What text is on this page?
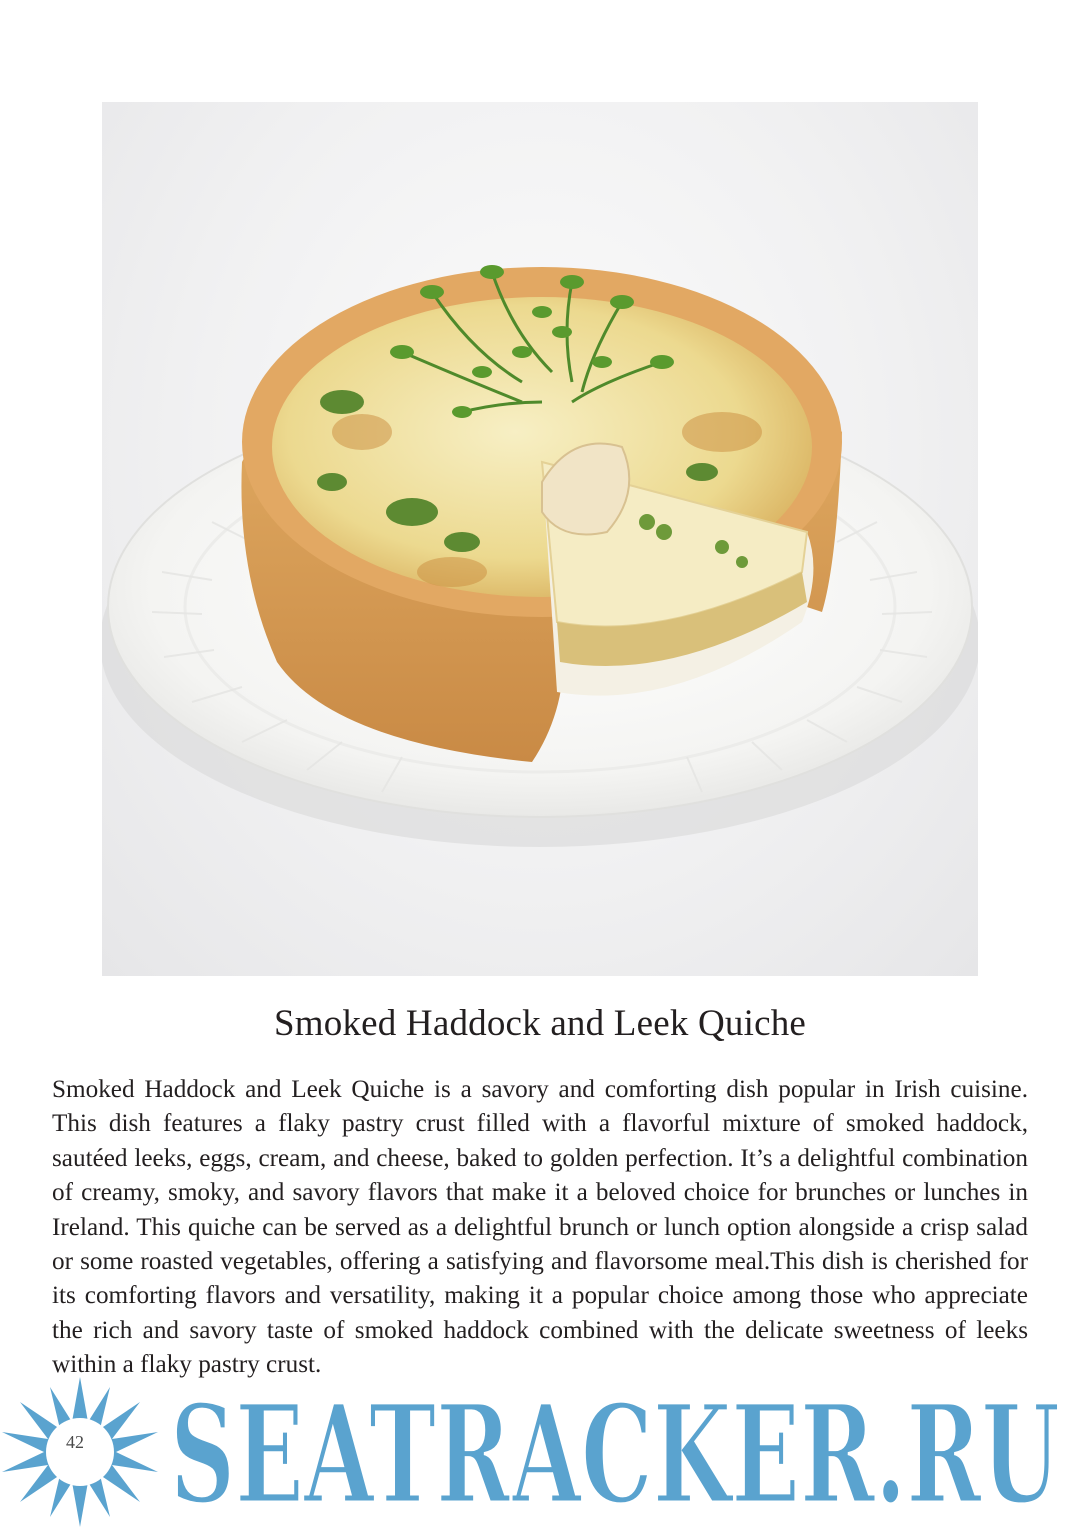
Smoked Haddock and Leek Quiche

Smoked Haddock and Leek Quiche is a savory and comforting dish popular in Irish cuisine. This dish features a flaky pastry crust filled with a flavorful mixture of smoked haddock, sautéed leeks, eggs, cream, and cheese, baked to golden perfection. It’s a delightful combination of creamy, smoky, and savory flavors that make it a beloved choice for brunches or lunches in Ireland. This quiche can be served as a delightful brunch or lunch option alongside a crisp salad or some roasted vegetables, offering a satisfying and flavorsome meal.This dish is cherished for its comforting flavors and versatility, making it a popular choice among those who appreciate the rich and savory taste of smoked haddock combined with the delicate sweetness of leeks within a flaky pastry crust.

42 SEATRACKER.RU
